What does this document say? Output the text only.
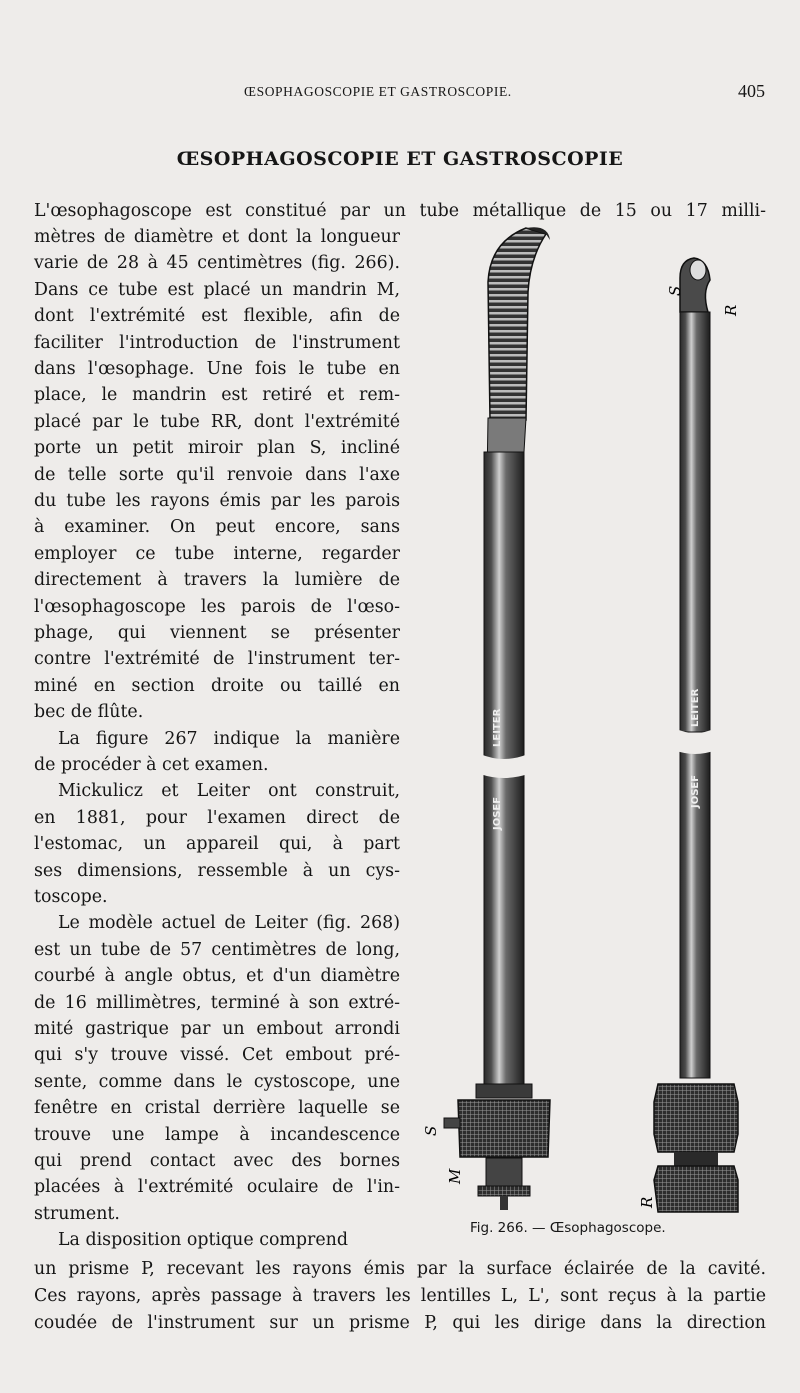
ŒSOPHAGOSCOPIE ET GASTROSCOPIE.	405
ŒSOPHAGOSCOPIE ET GASTROSCOPIE
L'œsophagoscope est constitué par un tube métallique de 15 ou 17 milli-
mètres de diamètre et dont la longueur
varie de 28 à 45 centimètres (fig. 266).
Dans ce tube est placé un mandrin M,
dont l'extrémité est flexible, afin de
faciliter l'introduction de l'instrument
dans l'œsophage. Une fois le tube en
place, le mandrin est retiré et rem-
placé par le tube RR, dont l'extrémité
porte un petit miroir plan S, incliné
de telle sorte qu'il renvoie dans l'axe
du tube les rayons émis par les parois
à examiner. On peut encore, sans
employer ce tube interne, regarder
directement à travers la lumière de
l'œsophagoscope les parois de l'œso-
phage, qui viennent se présenter
contre l'extrémité de l'instrument ter-
miné en section droite ou taillé en
bec de flûte.
La figure 267 indique la manière
de procéder à cet examen.
Mickulicz et Leiter ont construit,
en 1881, pour l'examen direct de
l'estomac, un appareil qui, à part
ses dimensions, ressemble à un cys-
toscope.
Le modèle actuel de Leiter (fig. 268)
est un tube de 57 centimètres de long,
courbé à angle obtus, et d'un diamètre
de 16 millimètres, terminé à son extré-
mité gastrique par un embout arrondi
qui s'y trouve vissé. Cet embout pré-
sente, comme dans le cystoscope, une
fenêtre en cristal derrière laquelle se
trouve une lampe à incandescence
qui prend contact avec des bornes
placées à l'extrémité oculaire de l'in-
strument.
La disposition optique comprend
un prisme P, recevant les rayons émis par la surface éclairée de la cavité.
Ces rayons, après passage à travers les lentilles L, L', sont reçus à la partie
coudée de l'instrument sur un prisme P, qui les dirige dans la direction
LEITER
JOSEF
S
M
LEITER
JOSEF
S
R
R
Fig. 266. — Œsophagoscope.
